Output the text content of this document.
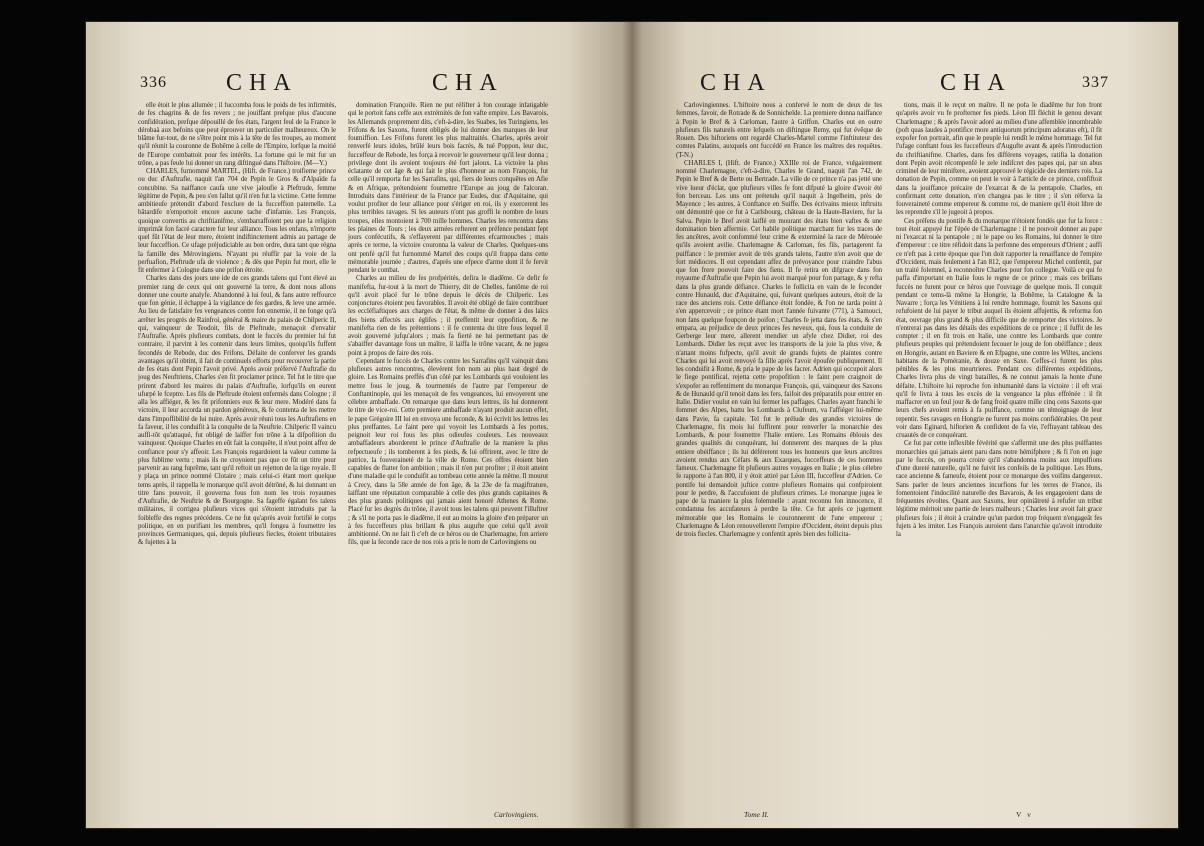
336 CHA	CHA

elle étoit le plus allumée ; il fuccomba fous le poids de fes infirmités, de fes chagrins & de fes revers ; ne jouiffant prefque plus d'aucune confidération, prefque dépouillé de fes états, l'argent feul de la France le dérobaà aux befoins que peut éprouver un particulier malheureux. On le blâme fur-tout, de ne s'être point mis à la tête de fes troupes, au moment qu'il réunit la couronne de Bohême à celle de l'Empire, lorfque la moitié de l'Europe combattoit pour fes intérêts. La fortune qui le mit fur un trône, a pas feule lui donner un rang diftingué dans l'hiftoire. (M—Y.)

CHARLES, furnommé MARTEL, (Hift. de France.) troifieme prince ou duc d'Auftrafie, naquit l'an 704 de Pepin le Gros & d'Alpaïde fa concubine. Sa naiffance caufa une vive jaloufie à Pleftrude, femme légitime de Pepin, & peu s'en fallut qu'il n'en fut la victime. Cette femme ambitieufe prétendit d'abord l'exclure de la fucceffion paternelle. La bâtardife n'emportoit encore aucune tache d'infamie. Les François, quoique convertis au chriftianifme, s'embarraffoient peu que la religion imprimât fon facré caractere fur leur alliance. Tous les enfans, n'importe quel fût l'état de leur mere, étoient indiftinctement admis au partage de leur fucceffion. Ce ufage préjudiciable au bon ordre, dura tant que régna la famille des Mérovingiens. N'ayant pu réuffir par la voie de la perfuafion, Pleftrude ufa de violence ; & dès que Pepin fut mort, elle le fit enfermer à Cologne dans une prifon étroite.

Charles dans des jours une ide de ces grands talens qui l'ont élevé au premier rang de ceux qui ont gouverné la terre, & dont nous allons donner une courte analyfe. Abandonné à lui feul, & fans autre reffource que fon génie, il échappe à la vigilance de fes gardes, & leve une armée. Au lieu de fatisfaire fes vengeances contre fon ennemie, il ne fonge qu'à arrêter les progrès de Rainfroi, général & maire du palais de Chilperic II, qui, vainqueur de Teodoit, fils de Pleftrude, menaçoit d'envahir l'Auftrafie. Après plufieurs combats, dont le fuccès du premier lui fut contraire, il parvint à les contenir dans leurs limites, quoiqu'ils fuffent fecondés de Rebode, duc des Frifons. Défaite de conferver les grands avantages qu'il obtint, il fait de continuels efforts pour recouvrer la partie de fes états dont Pepin l'avoit privé. Après avoir préfervé l'Auftrafie du joug des Neuftriens, Charles s'en fit proclamer prince. Tel fut le titre que prirent d'abord les maires du palais d'Auftrafie, lorfqu'ils en eurent ufurpé le fceptre. Les fils de Pleftrude étoient enfermés dans Cologne ; il alla les affiéger, & les fit prifonniers eux & leur mere. Modéré dans fa victoire, il leur accorda un pardon généreux, & fe contenta de les mettre dans l'impoffibilité de lui nuire. Après avoir réuni tous les Auftrafiens en fa faveur, il les conduifit à la conquête de la Neuftrie. Chilperic II vaincu auffi-tôt qu'attaqué, fut obligé de laiffer fon trône à la difpofition du vainqueur. Quoique Charles en eût fait la conquête, il n'eut point affez de confiance pour s'y affeoir. Les François regardoient la valeur comme la plus fublime vertu ; mais ils ne croyoient pas que ce fût un titre pour parvenir au rang fuprême, tant qu'il reftoit un rejetton de la tige royale. Il y plaça un prince nommé Clotaire ; mais celui-ci étant mort quelque tems après, il rappella le monarque qu'il avoit détrôné, & lui donnant un titre fans pouvoir, il gouverna fous fon nom les trois royaumes d'Auftrafie, de Neuftrie & de Bourgogne. Sa fageffe égalant fes talens militaires, il corrigea plufieurs vices qui s'étoient introduits par la foibleffe des regnes précédens. Ce ne fut qu'après avoir fortifié le corps politique, en en purifiant les membres, qu'il fongea à foumettre les provinces Germaniques, qui, depuis plufieurs fiecles, étoient tributaires & fujettes à la

domination Françoife. Rien ne put réfifter à fon courage infatigable qui le portoit fans ceffe aux extrémités de fon vafte empire. Les Bavarois, les Allemands proprement dits, c'eft-à-dire, les Suabes, les Turingiens, les Frifons & les Saxons, furent obligés de lui donner des marques de leur foumiffion. Les Frifons furent les plus maltraités. Charles, après avoir renverfé leurs idoles, brûlé leurs bois facrés, & tué Poppon, leur duc, fucceffeur de Rebode, les força à recevoir le gouverneur qu'il leur donna ; privilege dont ils avoient toujours été fort jaloux. La victoire la plus éclatante de cet âge & qui fait le plus d'honneur au nom François, fut celle qu'il remporta fur les Sarrafins, qui, fiers de leurs conquêtes en Afie & en Afrique, prétendoient foumettre l'Europe au joug de l'alcoran. Introduits dans l'intérieur de la France par Eudes, duc d'Aquitaine, qui voulut profiter de leur alliance pour s'ériger en roi, ils y exercerent les plus terribles ravages. Si les auteurs n'ont pas groffi le nombre de leurs troupes, elles montoient à 700 mille hommes. Charles les rencontra dans les plaines de Tours ; les deux armées refterent en préfence pendant fept jours confécutifs, & s'effayerent par différentes efcarmouches ; mais après ce terme, la victoire couronna la valeur de Charles. Quelques-uns ont penfé qu'il fut furnommé Martel des coups qu'il frappa dans cette mémorable journée ; d'autres, d'après une efpece d'arme dont il fe fervit pendant le combat.

Charles au milieu de fes profpérités, defira le diadême. Ce defir fe manifefta, fur-tout à la mort de Thierry, dit de Chelles, fantôme de roi qu'il avoit placé fur le trône depuis le décès de Chilperic. Les conjonctures étoient peu favorables. Il avoit été obligé de faire contribuer les eccléfiaftiques aux charges de l'état, & même de donner à des laïcs des biens affectés aux églifes ; il pteffentit leur oppofition, & ne manifefta rien de fes prétentions : il fe contenta du titre fous lequel il avoit gouverné jufqu'alors ; mais fa fierté ne lui permettant pas de s'abaiffer davantage fous un maître, il laiffa le trône vacant, & ne jugea point à propos de faire des rois.

Cependant le fuccès de Charles contre les Sarrafins qu'il vainquit dans plufieurs autres rencontres, élevèrent fon nom au plus haut degré de gloire. Les Romains preffés d'un côté par les Lombards qui vouloient les mettre fous le joug, & tourmentés de l'autre par l'empereur de Conftantinople, qui les menaçoit de fes vengeances, lui envoyerent une célebre ambaffade. On remarque que dans leurs lettres, ils lui donnerent le titre de vice-roi. Cette premiere ambaffade n'ayant produit aucun effet, le pape Grégoire III lui en envoya une feconde, & lui écrivit les lettres les plus preffantes. Le faint pere qui voyoit les Lombards à fes portes, peignoit leur roi fous les plus odieufes couleurs. Les nouveaux ambaffadeurs aborderent le prince d'Auftrafie de la maniere la plus refpectueufe ; ils tomberent à fes pieds, & lui offrirent, avec le titre de patrice, la fouveraineté de la ville de Rome. Ces offres étoient bien capables de flatter fon ambition ; mais il n'en put profiter ; il étoit atteint d'une maladie qui le conduifit au tombeau cette année la même. Il mourut à Crecy, dans la 58e année de fon âge, & la 23e de fa magiftrature, laiffant une réputation comparable à celle des plus grands capitaines & des plus grands politiques qui jamais aient honoré Athenes & Rome. Placé fur les degrés du trône, il avoit tous les talens qui peuvent l'illuftrer ; & s'il ne porta pas le diadême, il eut au moins la gloire d'en préparer un à fes fucceffeurs plus brillant & plus augufte que celui qu'il avoit ambitionné. On ne fait fi c'eft de ce héros ou de Charlemagne, fon arriere fils, que la feconde race de nos rois a pris le nom de Carlovingiens ou

Carlovingiens.
CHA	CHA	337

Carlovingiennes. L'hiftoire nous a confervé le nom de deux de fes femmes, favoir, de Rotrade & de Sonnichelde. La premiere donna naiffance à Pepin le Bref & à Carloman, l'autre à Griffon. Charles eut en outre plufieurs fils naturels entre lefquels on diftingue Remy, qui fut évêque de Rouen. Des hiftoriens ont regardé Charles-Martel comme l'inftituteur des comtes Palatins, auxquels ont fuccédé en France les maîtres des requêtes. (T-N.)

CHARLES I, (Hift. de France.) XXIIIe roi de France, vulgairement nommé Charlemagne, c'eft-à-dire, Charles le Grand, naquit l'an 742, de Pepin le Bref & de Berte ou Bertrade. La ville de ce prince n'a pas jetté une vive lueur d'éclat, que plufieurs villes fe font difputé la gloire d'avoir été fon berceau. Les uns ont prétendu qu'il naquit à Ingelheim, près de Mayence ; les autres, à Conftance en Suiffe. Des écrivains mieux inftruits ont démontré que ce fut à Carlsbourg, château de la Haute-Baviere, fur la Salva. Pepin le Bref avoit laiffé en mourant des états bien vaftes & une domination bien affermie. Cet habile politique marchant fur les traces de fes ancêtres, avoit confommé leur crime & exterminé la race de Mérouée qu'ils avoient avilie. Charlemagne & Carloman, fes fils, partagerent fa puiffance : le premier avoit de très grands talens, l'autre n'en avoit que de fort médiocres. Il eut cependant affez de prévoyance pour craindre l'abus que fon frere pouvoit faire des fiens. Il fe retira en difgrace dans fon royaume d'Auftrafie que Pepin lui avoit marqué pour fon partage, & y refta dans la plus grande défiance. Charles le follicita en vain de le feconder contre Hunauld, duc d'Aquitaine, qui, fuivant quelques auteurs, étoit de la race des anciens rois. Cette défiance étoit fondée, & l'on ne tarda point à s'en appercevoir ; ce prince étant mort l'année fuivante (771), à Samouci, non fans quelque foupçon de poifon ; Charles fe jetta dans fes états, & s'en empara, au préjudice de deux princes fes neveux, qui, fous la conduite de Gerberge leur mere, allerent mendier un afyle chez Didier, roi des Lombards. Didier les reçut avec les transports de la joie la plus vive, & n'attant moins fufpecte, qu'il avoit de grands fujets de plaintes contre Charles qui lui avoit renvoyé fa fille après l'avoir époufée publiquement. Il les conduifit à Rome, & pria le pape de les facrer. Adrien qui occupoit alors le fiege pontifical, rejetta cette propofition : le faint pere craignoit de s'expofer au reffentiment du monarque François, qui, vainqueur des Saxons & de Hunauld qu'il tenoit dans les fers, faifoit des préparatifs pour entrer en Italie. Didier voulut en vain lui fermer les paffages. Charles ayant franchi le fommet des Alpes, battu les Lombards à Clufeum, va l'affiéger lui-même dans Pavie, fa capitale. Tel fut le prélude des grandes victoires de Charlemagne, fix mois lui fuffirent pour renverfer la monarchie des Lombards, & pour foumettre l'Italie entiere. Les Romains éblouis des grandes qualités du conquérant, lui donnerent des marques de la plus entiere obéiffance ; ils lui déférerent tous les honneurs que leurs ancêtres avoient rendus aux Céfars & aux Exarques, fucceffeurs de ces hommes fameux. Charlemagne fit plufieurs autres voyages en Italie ; le plus célebre fe rapporte à l'an 800, il y étoit attiré par Léon III, fucceffeur d'Adrien. Ce pontife lui demandoit juftice contre plufieurs Romains qui confpiroient pour le perdre, & l'accufoient de plufieurs crimes. Le monarque jugea le pape de la maniere la plus folemnelle : ayant reconnu fon innocence, il condamna fes accufateurs à perdre la tête. Ce fut après ce jugement mémorable que les Romains le couronnerent de l'une empereur ; Charlemagne & Léon renouvellerent l'empire d'Occident, éteint depuis plus de trois fiecles. Charlemagne y confentit après bien des follicita-

tions, mais il le reçut en maître. Il ne pofa le diadême fur fon front qu'après avoir vu fe profterner fes pieds. Léon III fléchit le genou devant Charlemagne ; & après l'avoir adoré au milieu d'une affemblée innombrable (poft quas laudes à pontifice more antiquorum principum adoratus eft), il fit expofer fon portrait, afin que le peuple lui rendît le même hommage. Tel fut l'ufage conftant fous les fucceffeurs d'Augufte avant & après l'introduction du chriftianifme. Charles, dans fes différens voyages, ratifia la donation dont Pepin avoit récompenfé le zele indifcret des papes qui, par un abus criminel de leur miniftere, avoient approuvé le régicide des derniers rois. La donation de Pepin, comme on peut le voir à l'article de ce prince, confiftoit dans la jouiffance précaire de l'exarcat & de la pentapole. Charles, en confirmant cette donation, n'en changea pas le titre ; il s'en réferva la fouveraineté comme empereur & comme roi, de maniere qu'il étoit libre de les reprendre s'il le jugeoit à propos.

Ces préfens du pontife & du monarque n'étoient fondés que fur la force : tout étoit appuyé fur l'épée de Charlemagne : il ne pouvoit donner au pape ni l'exarcat ni la pentapole ; ni le pape ou les Romains, lui donner le titre d'empereur : ce titre réfidoit dans la perfonne des empereurs d'Orient ; auffi ce n'eft pas à cette époque que l'on doit rapporter la renaiffance de l'empire d'Occident, mais feulement à l'an 812, que l'empereur Michel confentit, par un traité folemnel, à reconnoître Charles pour fon collegue. Voilà ce qui fe paffa d'important en Italie fous le regne de ce prince ; mais ces brillans fuccès ne furent pour ce héros que l'ouvrage de quelque mois. Il conquit pendant ce tems-là même la Hongrie, la Bohême, la Catalogne & la Navarre ; força les Vénitiens à lui rendre hommage, foumit les Saxons qui refufoient de lui payer le tribut auquel ils étoient affujettis, & reforma fon état, ouvrage plus grand & plus difficile que de remporter des victoires. Je n'entrerai pas dans les détails des expéditions de ce prince ; il fuffit de les compter ; il en fit trois en Italie, une contre les Lombards que contre plufieurs peuples qui prétendoient fecouer le joug de fon obéiffance ; deux en Hongrie, autant en Baviere & en Efpagne, une contre les Wiltes, anciens habitans de la Poméranie, & douze en Saxe. Ceffes-ci furent les plus pénibles & les plus meurtrieres. Pendant ces différentes expéditions, Charles livra plus de vingt batailles, & ne connut jamais la honte d'une défaite. L'hiftoire lui reproche fon inhumanité dans la victoire : il eft vrai qu'il fe livra à tous les excès de la vengeance la plus effrénée : il fit maffacrer en un feul jour & de fang froid quatre mille cinq cens Saxons que leurs chefs avoient remis à fa puiffance, comme un témoignage de leur repentir. Ses ravages en Hongrie ne furent pas moins confidérables. On peut voir dans Eginard, hiftorien & confident de fa vie, l'effrayant tableau des cruautés de ce conquérant.

Ce fut par cette inflexible févérité que s'affermit une des plus puiffantes monarchies qui jamais aient paru dans notre hémifphere ; & fi l'on en juge par le fuccès, on pourra croire qu'il s'abandonna moins aux impulfions d'une dureté naturelle, qu'il ne fuivit les confeils de la politique. Les Huns, race ancienne & fameufe, étoient pour ce monarque des voifins dangereux. Sans parler de leurs anciennes incurfions fur les terres de France, ils fomentoient l'indocilité naturelle des Bavarois, & les engageoient dans de fréquentes révoltes. Quant aux Saxons, leur opiniâtreté à refufer un tribut légitime méritoit une partie de leurs malheurs ; Charles leur avoit fait grace plufieurs fois ; il étoit à craindre qu'un pardon trop fréquent n'engageât fes fujets à les imiter. Les François auroient dans l'anarchie qu'avoit introduite la

Tome II.	V v
